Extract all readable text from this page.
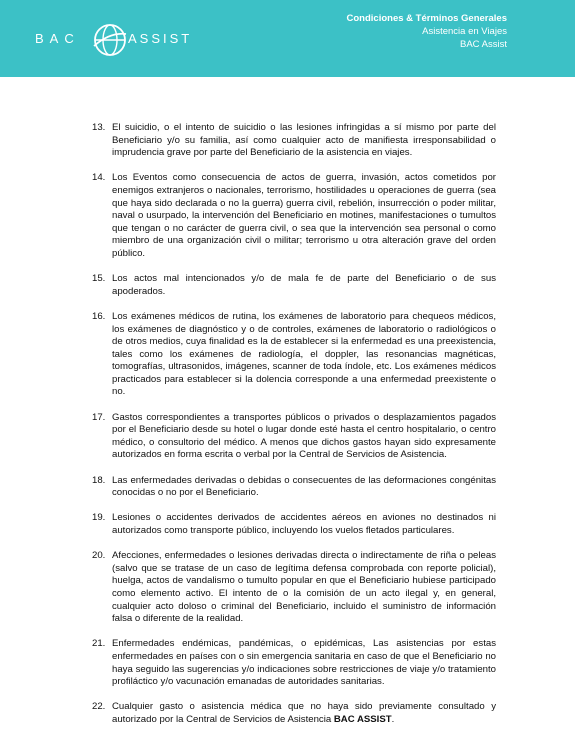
BAC	ASSIST
Condiciones & Términos Generales
Asistencia en Viajes
BAC Assist
13. El suicidio, o el intento de suicidio o las lesiones infringidas a sí mismo por parte del Beneficiario y/o su familia, así como cualquier acto de manifiesta irresponsabilidad o imprudencia grave por parte del Beneficiario de la asistencia en viajes.
14. Los Eventos como consecuencia de actos de guerra, invasión, actos cometidos por enemigos extranjeros o nacionales, terrorismo, hostilidades u operaciones de guerra (sea que haya sido declarada o no la guerra) guerra civil, rebelión, insurrección o poder militar, naval o usurpado, la intervención del Beneficiario en motines, manifestaciones o tumultos que tengan o no carácter de guerra civil, o sea que la intervención sea personal o como miembro de una organización civil o militar; terrorismo u otra alteración grave del orden público.
15. Los actos mal intencionados y/o de mala fe de parte del Beneficiario o de sus apoderados.
16. Los exámenes médicos de rutina, los exámenes de laboratorio para chequeos médicos, los exámenes de diagnóstico y o de controles, exámenes de laboratorio o radiológicos o de otros medios, cuya finalidad es la de establecer si la enfermedad es una preexistencia, tales como los exámenes de radiología, el doppler, las resonancias magnéticas, tomografías, ultrasonidos, imágenes, scanner de toda índole, etc. Los exámenes médicos practicados para establecer si la dolencia corresponde a una enfermedad preexistente o no.
17. Gastos correspondientes a transportes públicos o privados o desplazamientos pagados por el Beneficiario desde su hotel o lugar donde esté hasta el centro hospitalario, o centro médico, o consultorio del médico. A menos que dichos gastos hayan sido expresamente autorizados en forma escrita o verbal por la Central de Servicios de Asistencia.
18. Las enfermedades derivadas o debidas o consecuentes de las deformaciones congénitas conocidas o no por el Beneficiario.
19. Lesiones o accidentes derivados de accidentes aéreos en aviones no destinados ni autorizados como transporte público, incluyendo los vuelos fletados particulares.
20. Afecciones, enfermedades o lesiones derivadas directa o indirectamente de riña o peleas (salvo que se tratase de un caso de legítima defensa comprobada con reporte policial), huelga, actos de vandalismo o tumulto popular en que el Beneficiario hubiese participado como elemento activo. El intento de o la comisión de un acto ilegal y, en general, cualquier acto doloso o criminal del Beneficiario, incluido el suministro de información falsa o diferente de la realidad.
21. Enfermedades endémicas, pandémicas, o epidémicas, Las asistencias por estas enfermedades en países con o sin emergencia sanitaria en caso de que el Beneficiario no haya seguido las sugerencias y/o indicaciones sobre restricciones de viaje y/o tratamiento profiláctico y/o vacunación emanadas de autoridades sanitarias.
22. Cualquier gasto o asistencia médica que no haya sido previamente consultado y autorizado por la Central de Servicios de Asistencia BAC ASSIST.
